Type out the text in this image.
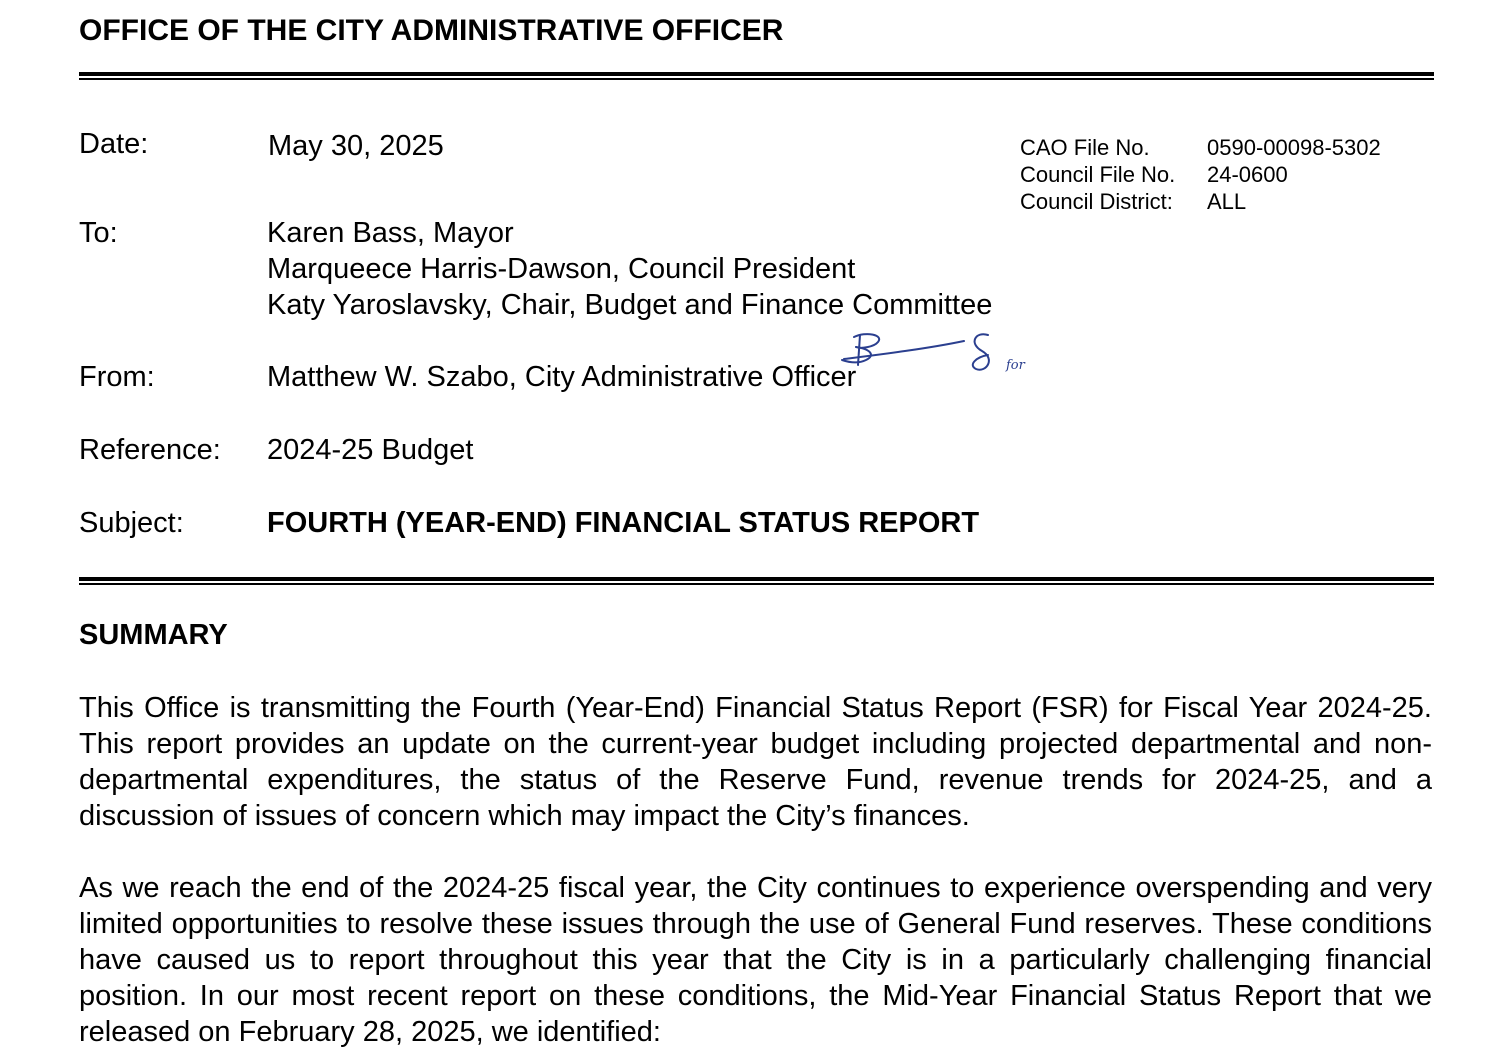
OFFICE OF THE CITY ADMINISTRATIVE OFFICER
Date:	May 30, 2025	CAO File No.	0590-00098-5302
Council File No.	24-0600
Council District:	ALL
To:	Karen Bass, Mayor
Marqueece Harris-Dawson, Council President
Katy Yaroslavsky, Chair, Budget and Finance Committee
From:	Matthew W. Szabo, City Administrative Officer	for
Reference: 2024-25 Budget
Subject:	FOURTH (YEAR-END) FINANCIAL STATUS REPORT
SUMMARY
This Office is transmitting the Fourth (Year-End) Financial Status Report (FSR) for Fiscal Year 2024-25. This report provides an update on the current-year budget including projected departmental and non-departmental expenditures, the status of the Reserve Fund, revenue trends for 2024-25, and a discussion of issues of concern which may impact the City’s finances.
As we reach the end of the 2024-25 fiscal year, the City continues to experience overspending and very limited opportunities to resolve these issues through the use of General Fund reserves. These conditions have caused us to report throughout this year that the City is in a particularly challenging financial position. In our most recent report on these conditions, the Mid-Year Financial Status Report that we released on February 28, 2025, we identified:
